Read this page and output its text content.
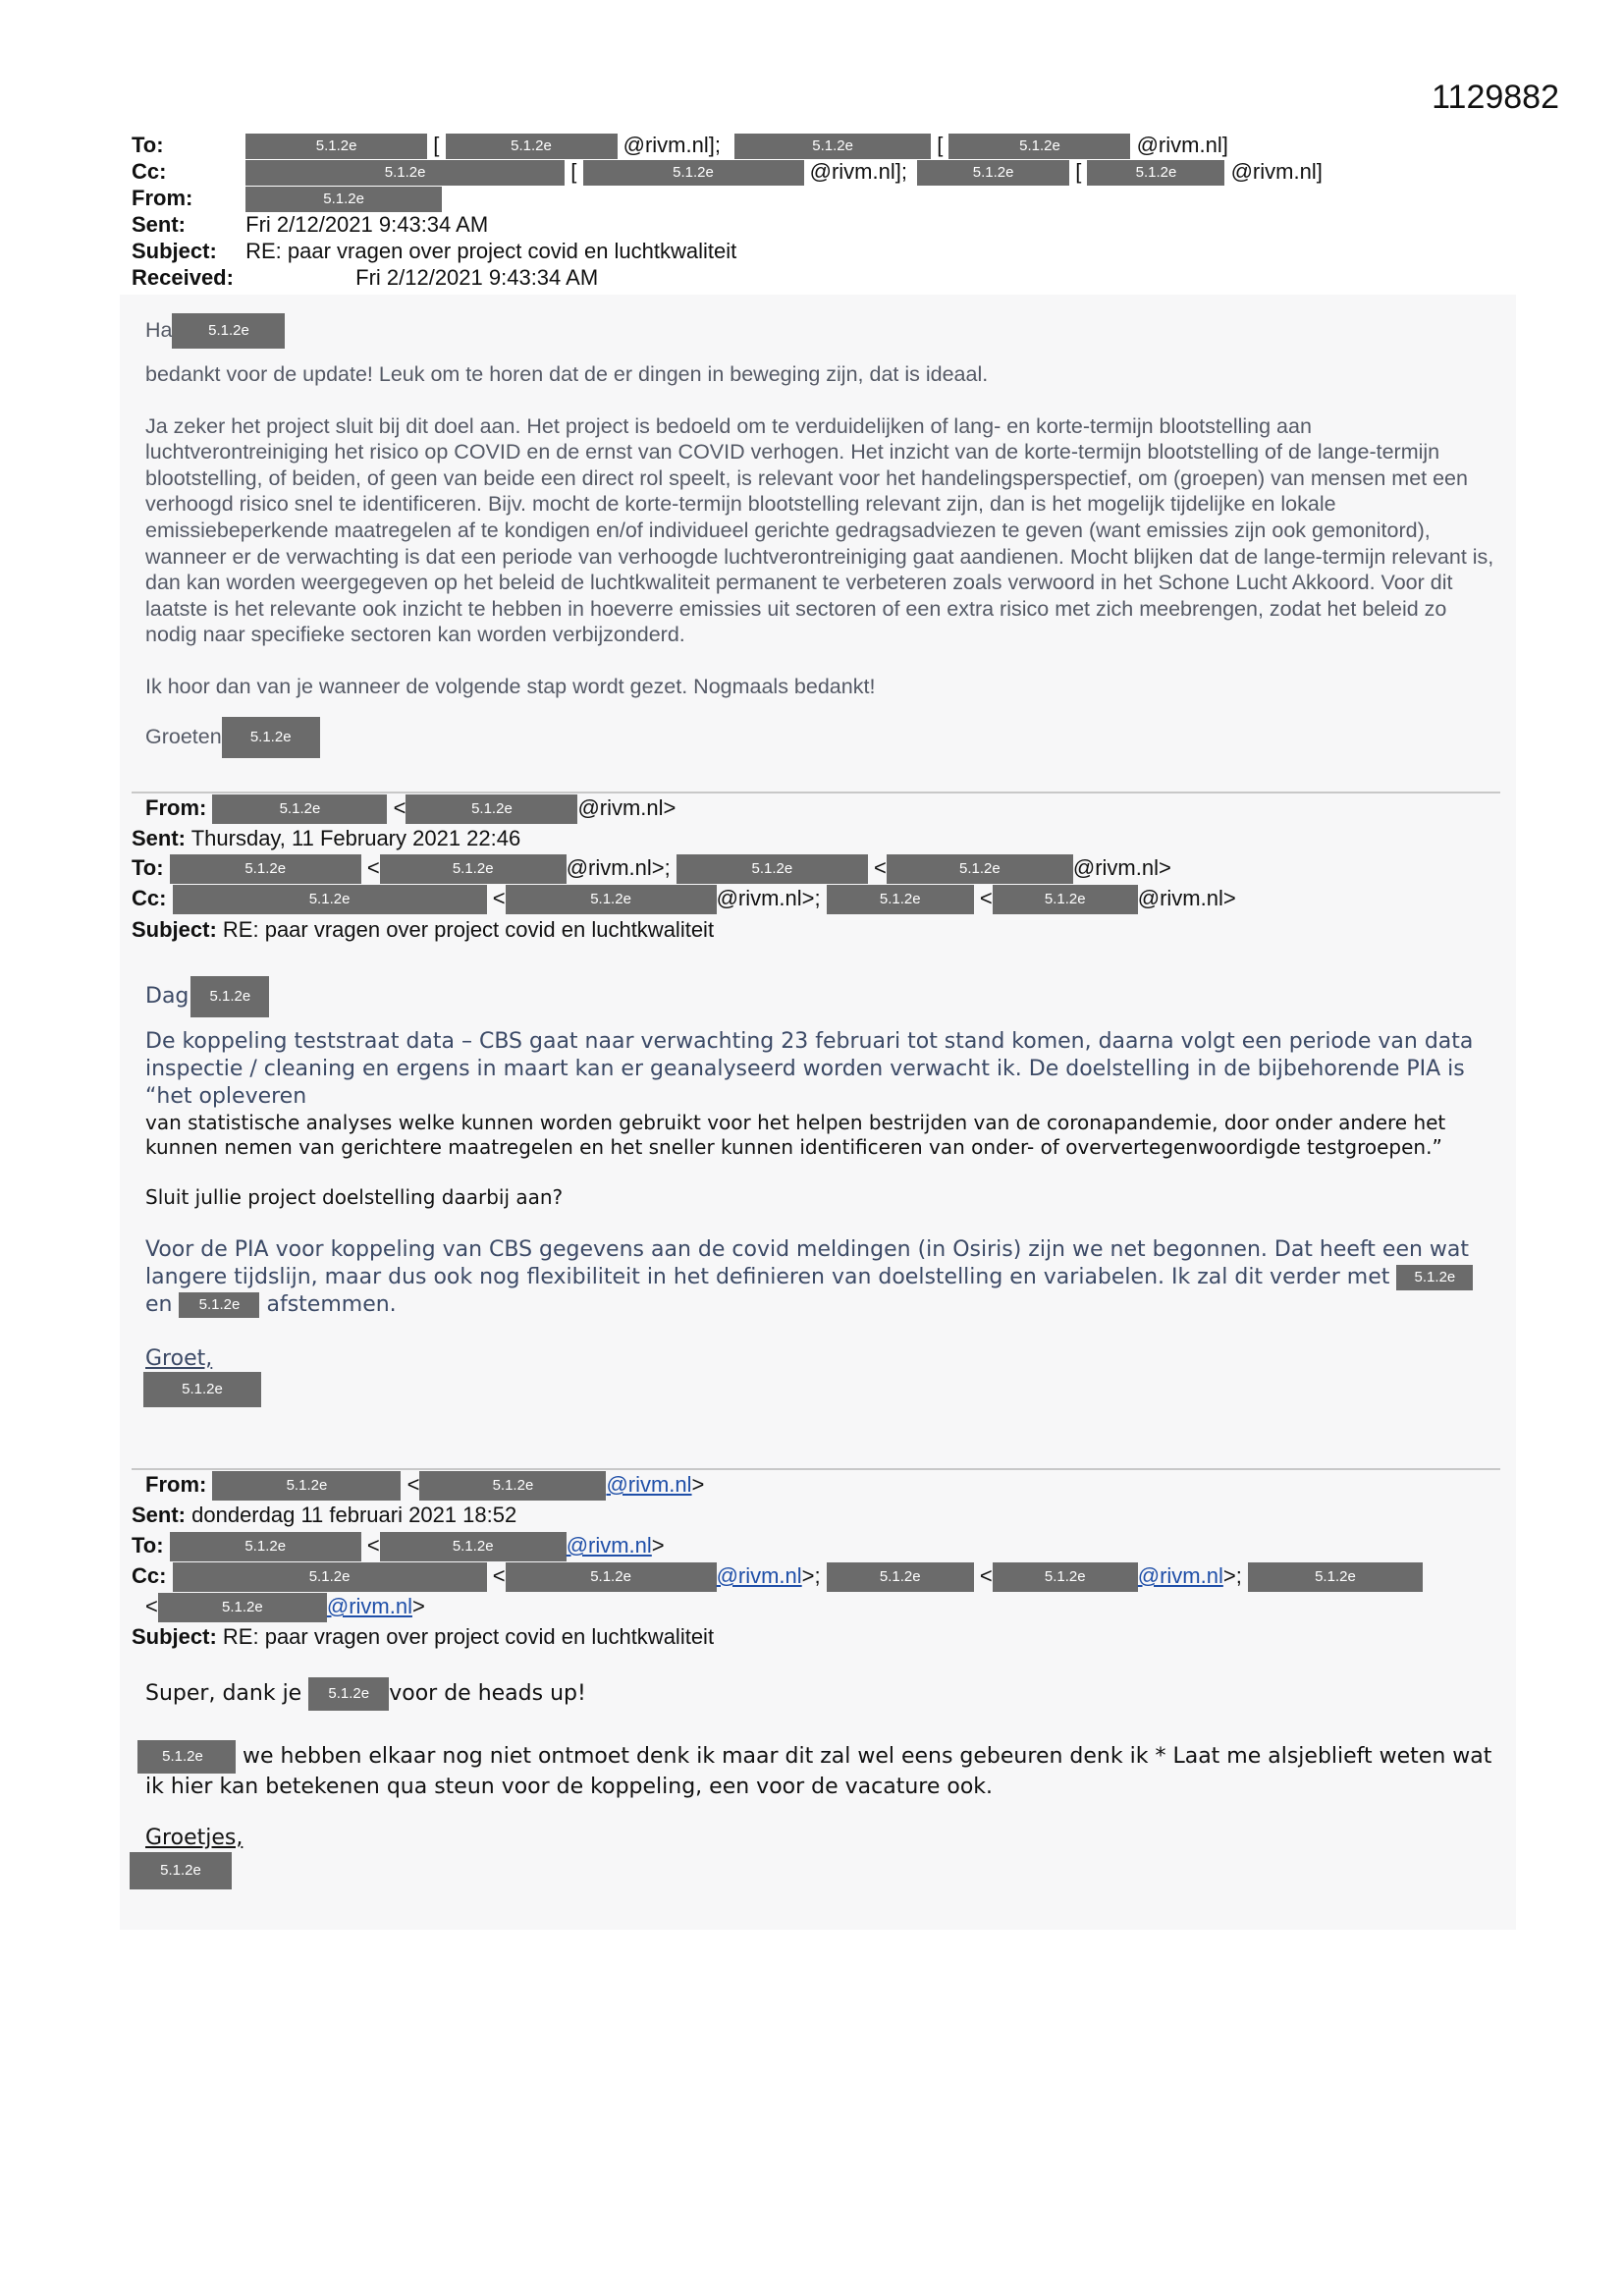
1129882
To:	5.1.2e	[	5.1.2e	@rivm.nl];	5.1.2e	[	5.1.2e	@rivm.nl]
Cc:	5.1.2e	[	5.1.2e	@rivm.nl];	5.1.2e	[	5.1.2e	@rivm.nl]
From:	5.1.2e
Sent:	Fri 2/12/2021 9:43:34 AM
Subject: RE: paar vragen over project covid en luchtkwaliteit
Received:	Fri 2/12/2021 9:43:34 AM
Ha 5.1.2e

bedankt voor de update! Leuk om te horen dat de er dingen in beweging zijn, dat is ideaal.

Ja zeker het project sluit bij dit doel aan. Het project is bedoeld om te verduidelijken of lang- en korte-termijn blootstelling aan luchtverontreiniging het risico op COVID en de ernst van COVID verhogen. Het inzicht van de korte-termijn blootstelling of de lange-termijn blootstelling, of beiden, of geen van beide een direct rol speelt, is relevant voor het handelingsperspectief, om (groepen) van mensen met een verhoogd risico snel te identificeren. Bijv. mocht de korte-termijn blootstelling relevant zijn, dan is het mogelijk tijdelijke en lokale emissiebeperkende maatregelen af te kondigen en/of individueel gerichte gedragsadviezen te geven (want emissies zijn ook gemonitord), wanneer er de verwachting is dat een periode van verhoogde luchtverontreiniging gaat aandienen. Mocht blijken dat de lange-termijn relevant is, dan kan worden weergegeven op het beleid de luchtkwaliteit permanent te verbeteren zoals verwoord in het Schone Lucht Akkoord. Voor dit laatste is het relevante ook inzicht te hebben in hoeverre emissies uit sectoren of een extra risico met zich meebrengen, zodat het beleid zo nodig naar specifieke sectoren kan worden verbijzonderd.

Ik hoor dan van je wanneer de volgende stap wordt gezet. Nogmaals bedankt!

Groeten 5.1.2e
From:	5.1.2e	<	5.1.2e	@rivm.nl>
Sent: Thursday, 11 February 2021 22:46
To:	5.1.2e	<	5.1.2e	@rivm.nl>;	5.1.2e	<	5.1.2e	@rivm.nl>
Cc:	5.1.2e	<	5.1.2e	@rivm.nl>;	5.1.2e	<	5.1.2e @rivm.nl>
Subject: RE: paar vragen over project covid en luchtkwaliteit
Dag 5.1.2e

De koppeling teststraat data – CBS gaat naar verwachting 23 februari tot stand komen, daarna volgt een periode van data inspectie / cleaning en ergens in maart kan er geanalyseerd worden verwacht ik. De doelstelling in de bijbehorende PIA is “het opleveren

van statistische analyses welke kunnen worden gebruikt voor het helpen bestrijden van de coronapandemie, door onder andere het kunnen nemen van gerichtere maatregelen en het sneller kunnen identificeren van onder- of oververtegenwoordigde testgroepen.”

Sluit jullie project doelstelling daarbij aan?

Voor de PIA voor koppeling van CBS gegevens aan de covid meldingen (in Osiris) zijn we net begonnen. Dat heeft een wat langere tijdslijn, maar dus ook nog flexibiliteit in het definieren van doelstelling en variabelen. Ik zal dit verder met 5.1.2e en 5.1.2e afstemmen.

Groet,

5.1.2e
From:	5.1.2e	<	5.1.2e	@rivm.nl>
Sent: donderdag 11 februari 2021 18:52
To:	5.1.2e	<	5.1.2e	@rivm.nl>
Cc:	5.1.2e	<	5.1.2e	@rivm.nl>;	5.1.2e	<	5.1.2e @rivm.nl>;	5.1.2e
<	5.1.2e	@rivm.nl>
Subject: RE: paar vragen over project covid en luchtkwaliteit
Super, dank je 5.1.2e voor de heads up!

5.1.2e we hebben elkaar nog niet ontmoet denk ik maar dit zal wel eens gebeuren denk ik * Laat me alsjeblieft weten wat ik hier kan betekenen qua steun voor de koppeling, een voor de vacature ook.

Groetjes,

5.1.2e
